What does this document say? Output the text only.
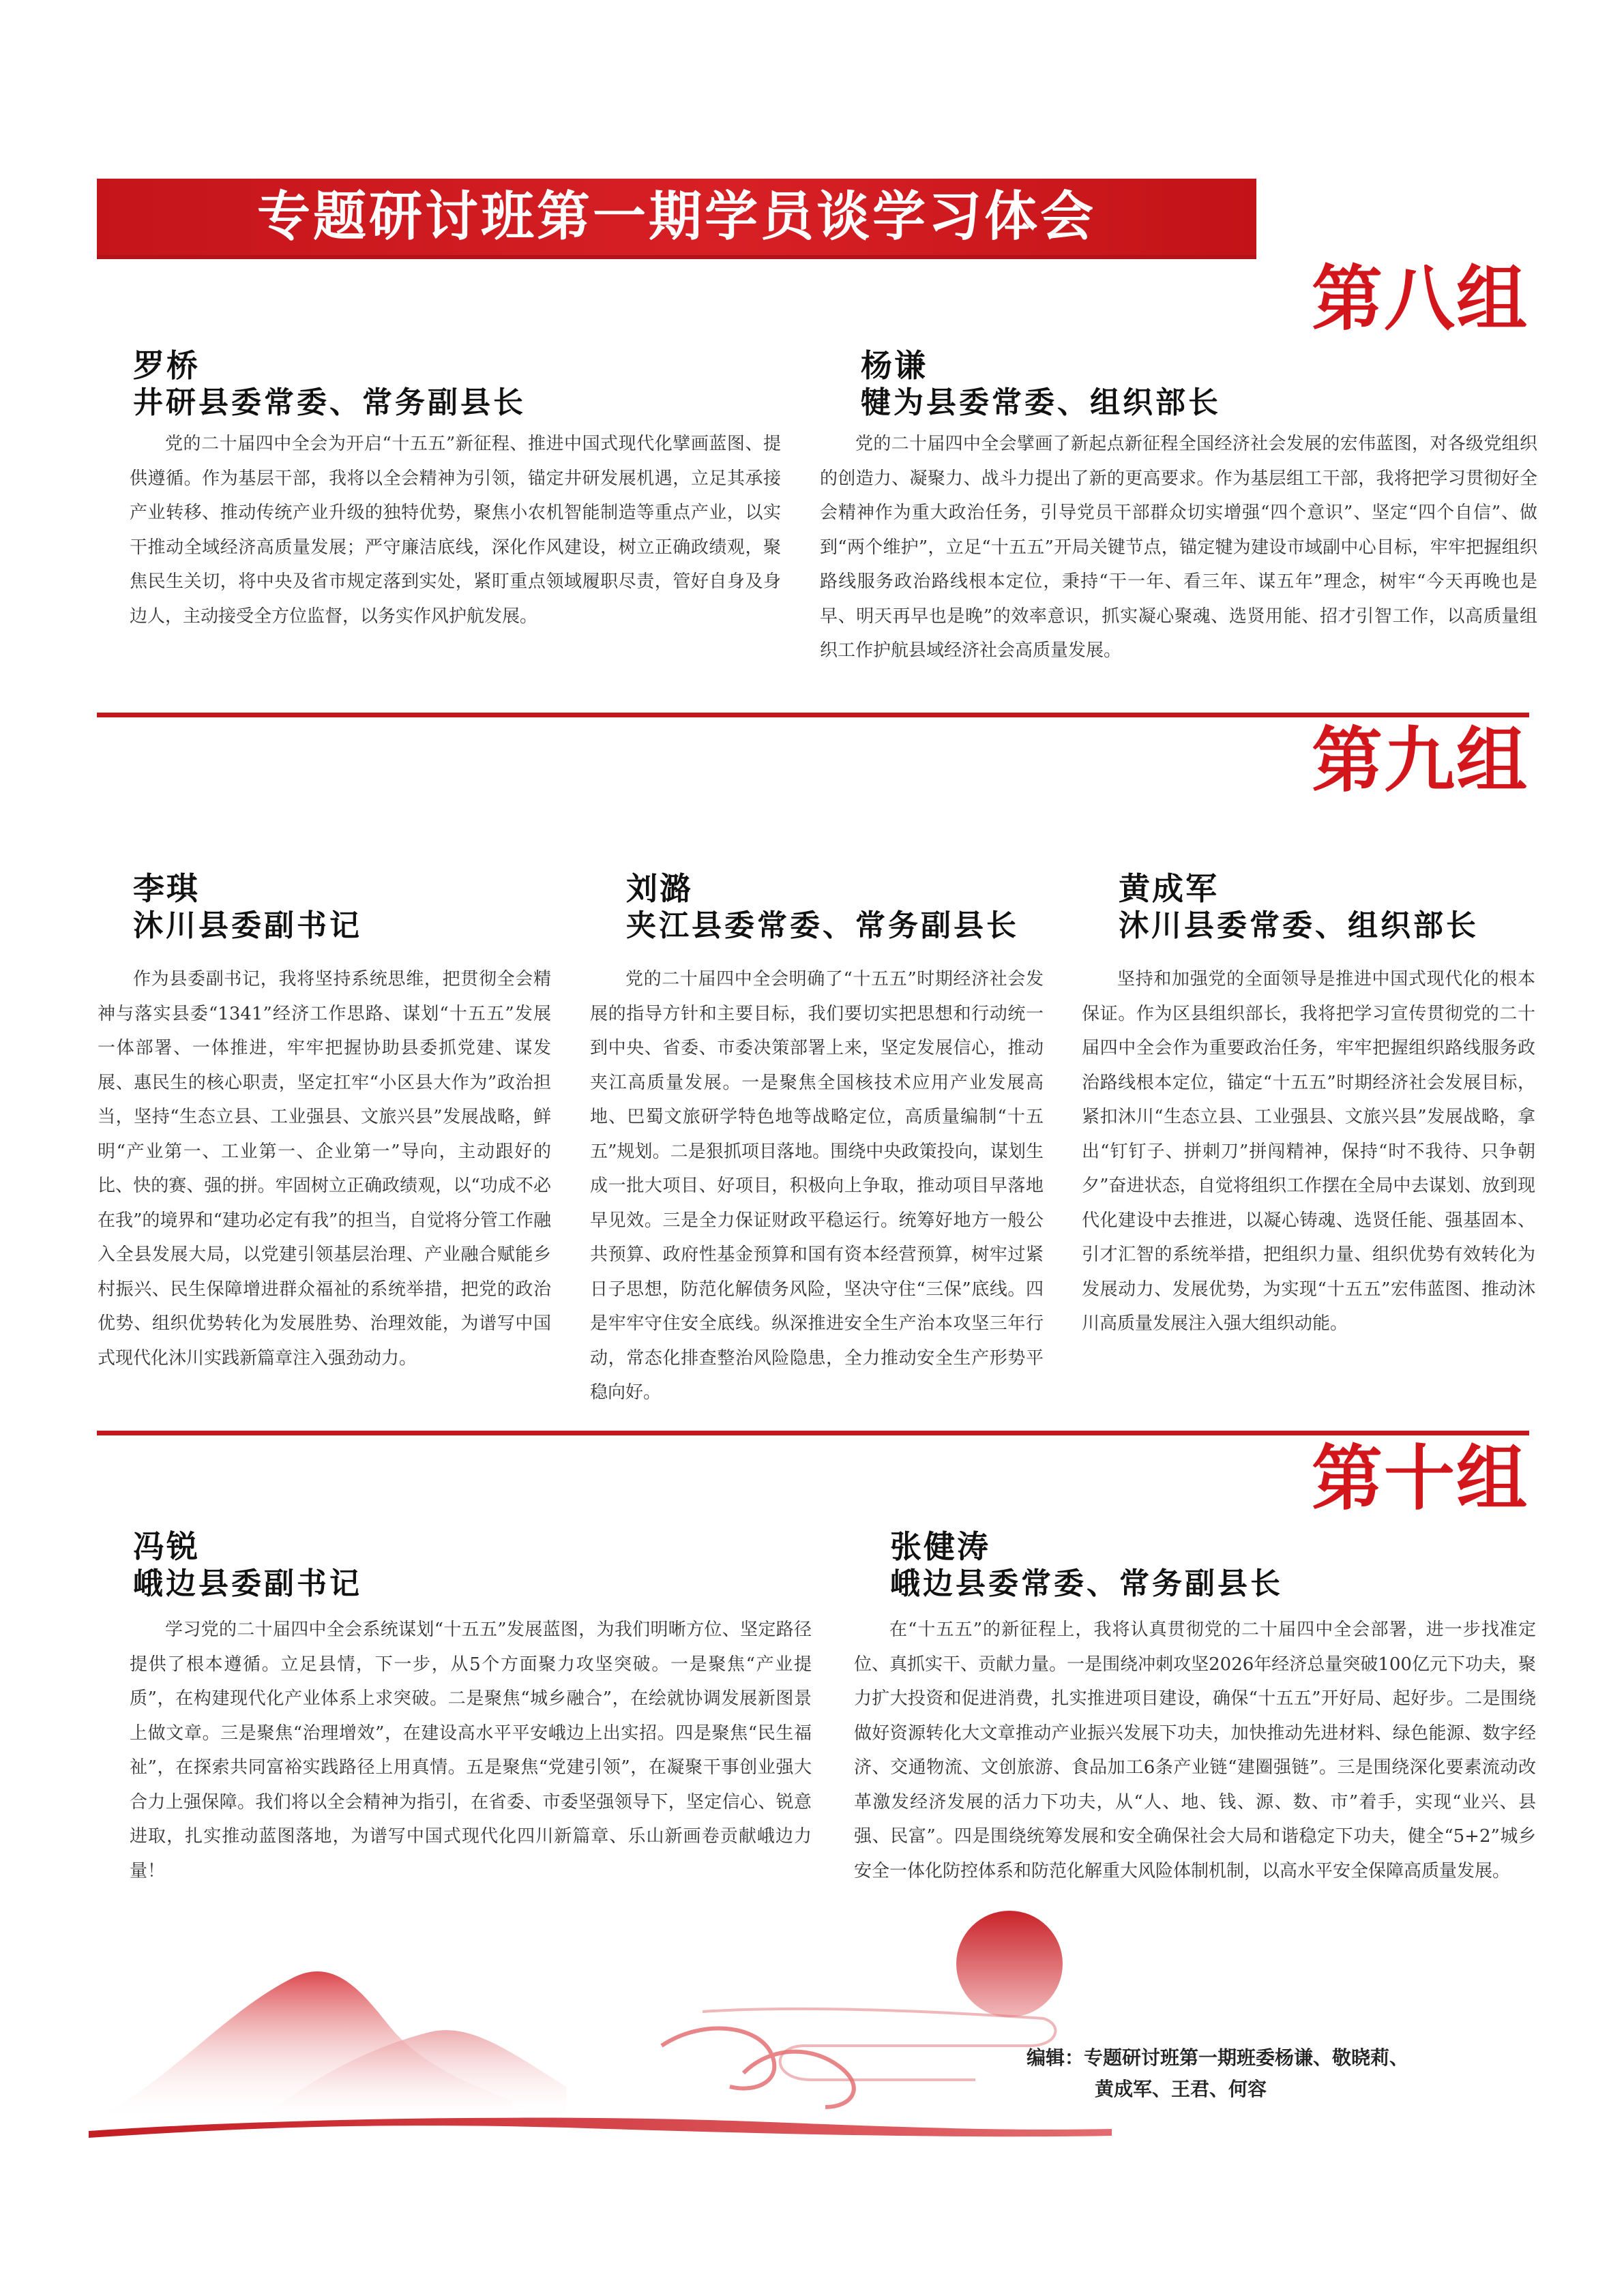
专题研讨班第一期学员谈学习体会
第八组
罗桥
井研县委常委、常务副县长
党的二十届四中全会为开启“十五五”新征程、推进中国式现代化擘画蓝图、提供遵循。作为基层干部，我将以全会精神为引领，锚定井研发展机遇，立足其承接产业转移、推动传统产业升级的独特优势，聚焦小农机智能制造等重点产业，以实干推动全域经济高质量发展；严守廉洁底线，深化作风建设，树立正确政绩观，聚焦民生关切，将中央及省市规定落到实处，紧盯重点领域履职尽责，管好自身及身边人，主动接受全方位监督，以务实作风护航发展。
杨谦
犍为县委常委、组织部长
党的二十届四中全会擘画了新起点新征程全国经济社会发展的宏伟蓝图，对各级党组织的创造力、凝聚力、战斗力提出了新的更高要求。作为基层组工干部，我将把学习贯彻好全会精神作为重大政治任务，引导党员干部群众切实增强“四个意识”、坚定“四个自信”、做到“两个维护”，立足“十五五”开局关键节点，锚定犍为建设市域副中心目标，牢牢把握组织路线服务政治路线根本定位，秉持“干一年、看三年、谋五年”理念，树牢“今天再晚也是早、明天再早也是晚”的效率意识，抓实凝心聚魂、选贤用能、招才引智工作，以高质量组织工作护航县域经济社会高质量发展。
第九组
李琪
沐川县委副书记
作为县委副书记，我将坚持系统思维，把贯彻全会精神与落实县委“1341”经济工作思路、谋划“十五五”发展一体部署、一体推进，牢牢把握协助县委抓党建、谋发展、惠民生的核心职责，坚定扛牢“小区县大作为”政治担当，坚持“生态立县、工业强县、文旅兴县”发展战略，鲜明“产业第一、工业第一、企业第一”导向，主动跟好的比、快的赛、强的拼。牢固树立正确政绩观，以“功成不必在我”的境界和“建功必定有我”的担当，自觉将分管工作融入全县发展大局，以党建引领基层治理、产业融合赋能乡村振兴、民生保障增进群众福祉的系统举措，把党的政治优势、组织优势转化为发展胜势、治理效能，为谱写中国式现代化沐川实践新篇章注入强劲动力。
刘潞
夹江县委常委、常务副县长
党的二十届四中全会明确了“十五五”时期经济社会发展的指导方针和主要目标，我们要切实把思想和行动统一到中央、省委、市委决策部署上来，坚定发展信心，推动夹江高质量发展。一是聚焦全国核技术应用产业发展高地、巴蜀文旅研学特色地等战略定位，高质量编制“十五五”规划。二是狠抓项目落地。围绕中央政策投向，谋划生成一批大项目、好项目，积极向上争取，推动项目早落地早见效。三是全力保证财政平稳运行。统筹好地方一般公共预算、政府性基金预算和国有资本经营预算，树牢过紧日子思想，防范化解债务风险，坚决守住“三保”底线。四是牢牢守住安全底线。纵深推进安全生产治本攻坚三年行动，常态化排查整治风险隐患，全力推动安全生产形势平稳向好。
黄成军
沐川县委常委、组织部长
坚持和加强党的全面领导是推进中国式现代化的根本保证。作为区县组织部长，我将把学习宣传贯彻党的二十届四中全会作为重要政治任务，牢牢把握组织路线服务政治路线根本定位，锚定“十五五”时期经济社会发展目标，紧扣沐川“生态立县、工业强县、文旅兴县”发展战略，拿出“钉钉子、拼刺刀”拼闯精神，保持“时不我待、只争朝夕”奋进状态，自觉将组织工作摆在全局中去谋划、放到现代化建设中去推进，以凝心铸魂、选贤任能、强基固本、引才汇智的系统举措，把组织力量、组织优势有效转化为发展动力、发展优势，为实现“十五五”宏伟蓝图、推动沐川高质量发展注入强大组织动能。
第十组
冯锐
峨边县委副书记
学习党的二十届四中全会系统谋划“十五五”发展蓝图，为我们明晰方位、坚定路径提供了根本遵循。立足县情，下一步，从5个方面聚力攻坚突破。一是聚焦“产业提质”，在构建现代化产业体系上求突破。二是聚焦“城乡融合”，在绘就协调发展新图景上做文章。三是聚焦“治理增效”，在建设高水平平安峨边上出实招。四是聚焦“民生福祉”，在探索共同富裕实践路径上用真情。五是聚焦“党建引领”，在凝聚干事创业强大合力上强保障。我们将以全会精神为指引，在省委、市委坚强领导下，坚定信心、锐意进取，扎实推动蓝图落地，为谱写中国式现代化四川新篇章、乐山新画卷贡献峨边力量！
张健涛
峨边县委常委、常务副县长
在“十五五”的新征程上，我将认真贯彻党的二十届四中全会部署，进一步找准定位、真抓实干、贡献力量。一是围绕冲刺攻坚2026年经济总量突破100亿元下功夫，聚力扩大投资和促进消费，扎实推进项目建设，确保“十五五”开好局、起好步。二是围绕做好资源转化大文章推动产业振兴发展下功夫，加快推动先进材料、绿色能源、数字经济、交通物流、文创旅游、食品加工6条产业链“建圈强链”。三是围绕深化要素流动改革激发经济发展的活力下功夫，从“人、地、钱、源、数、市”着手，实现“业兴、县强、民富”。四是围绕统筹发展和安全确保社会大局和谐稳定下功夫，健全“5+2”城乡安全一体化防控体系和防范化解重大风险体制机制，以高水平安全保障高质量发展。
编辑：专题研讨班第一期班委杨谦、敬晓莉、
黄成军、王君、何容
